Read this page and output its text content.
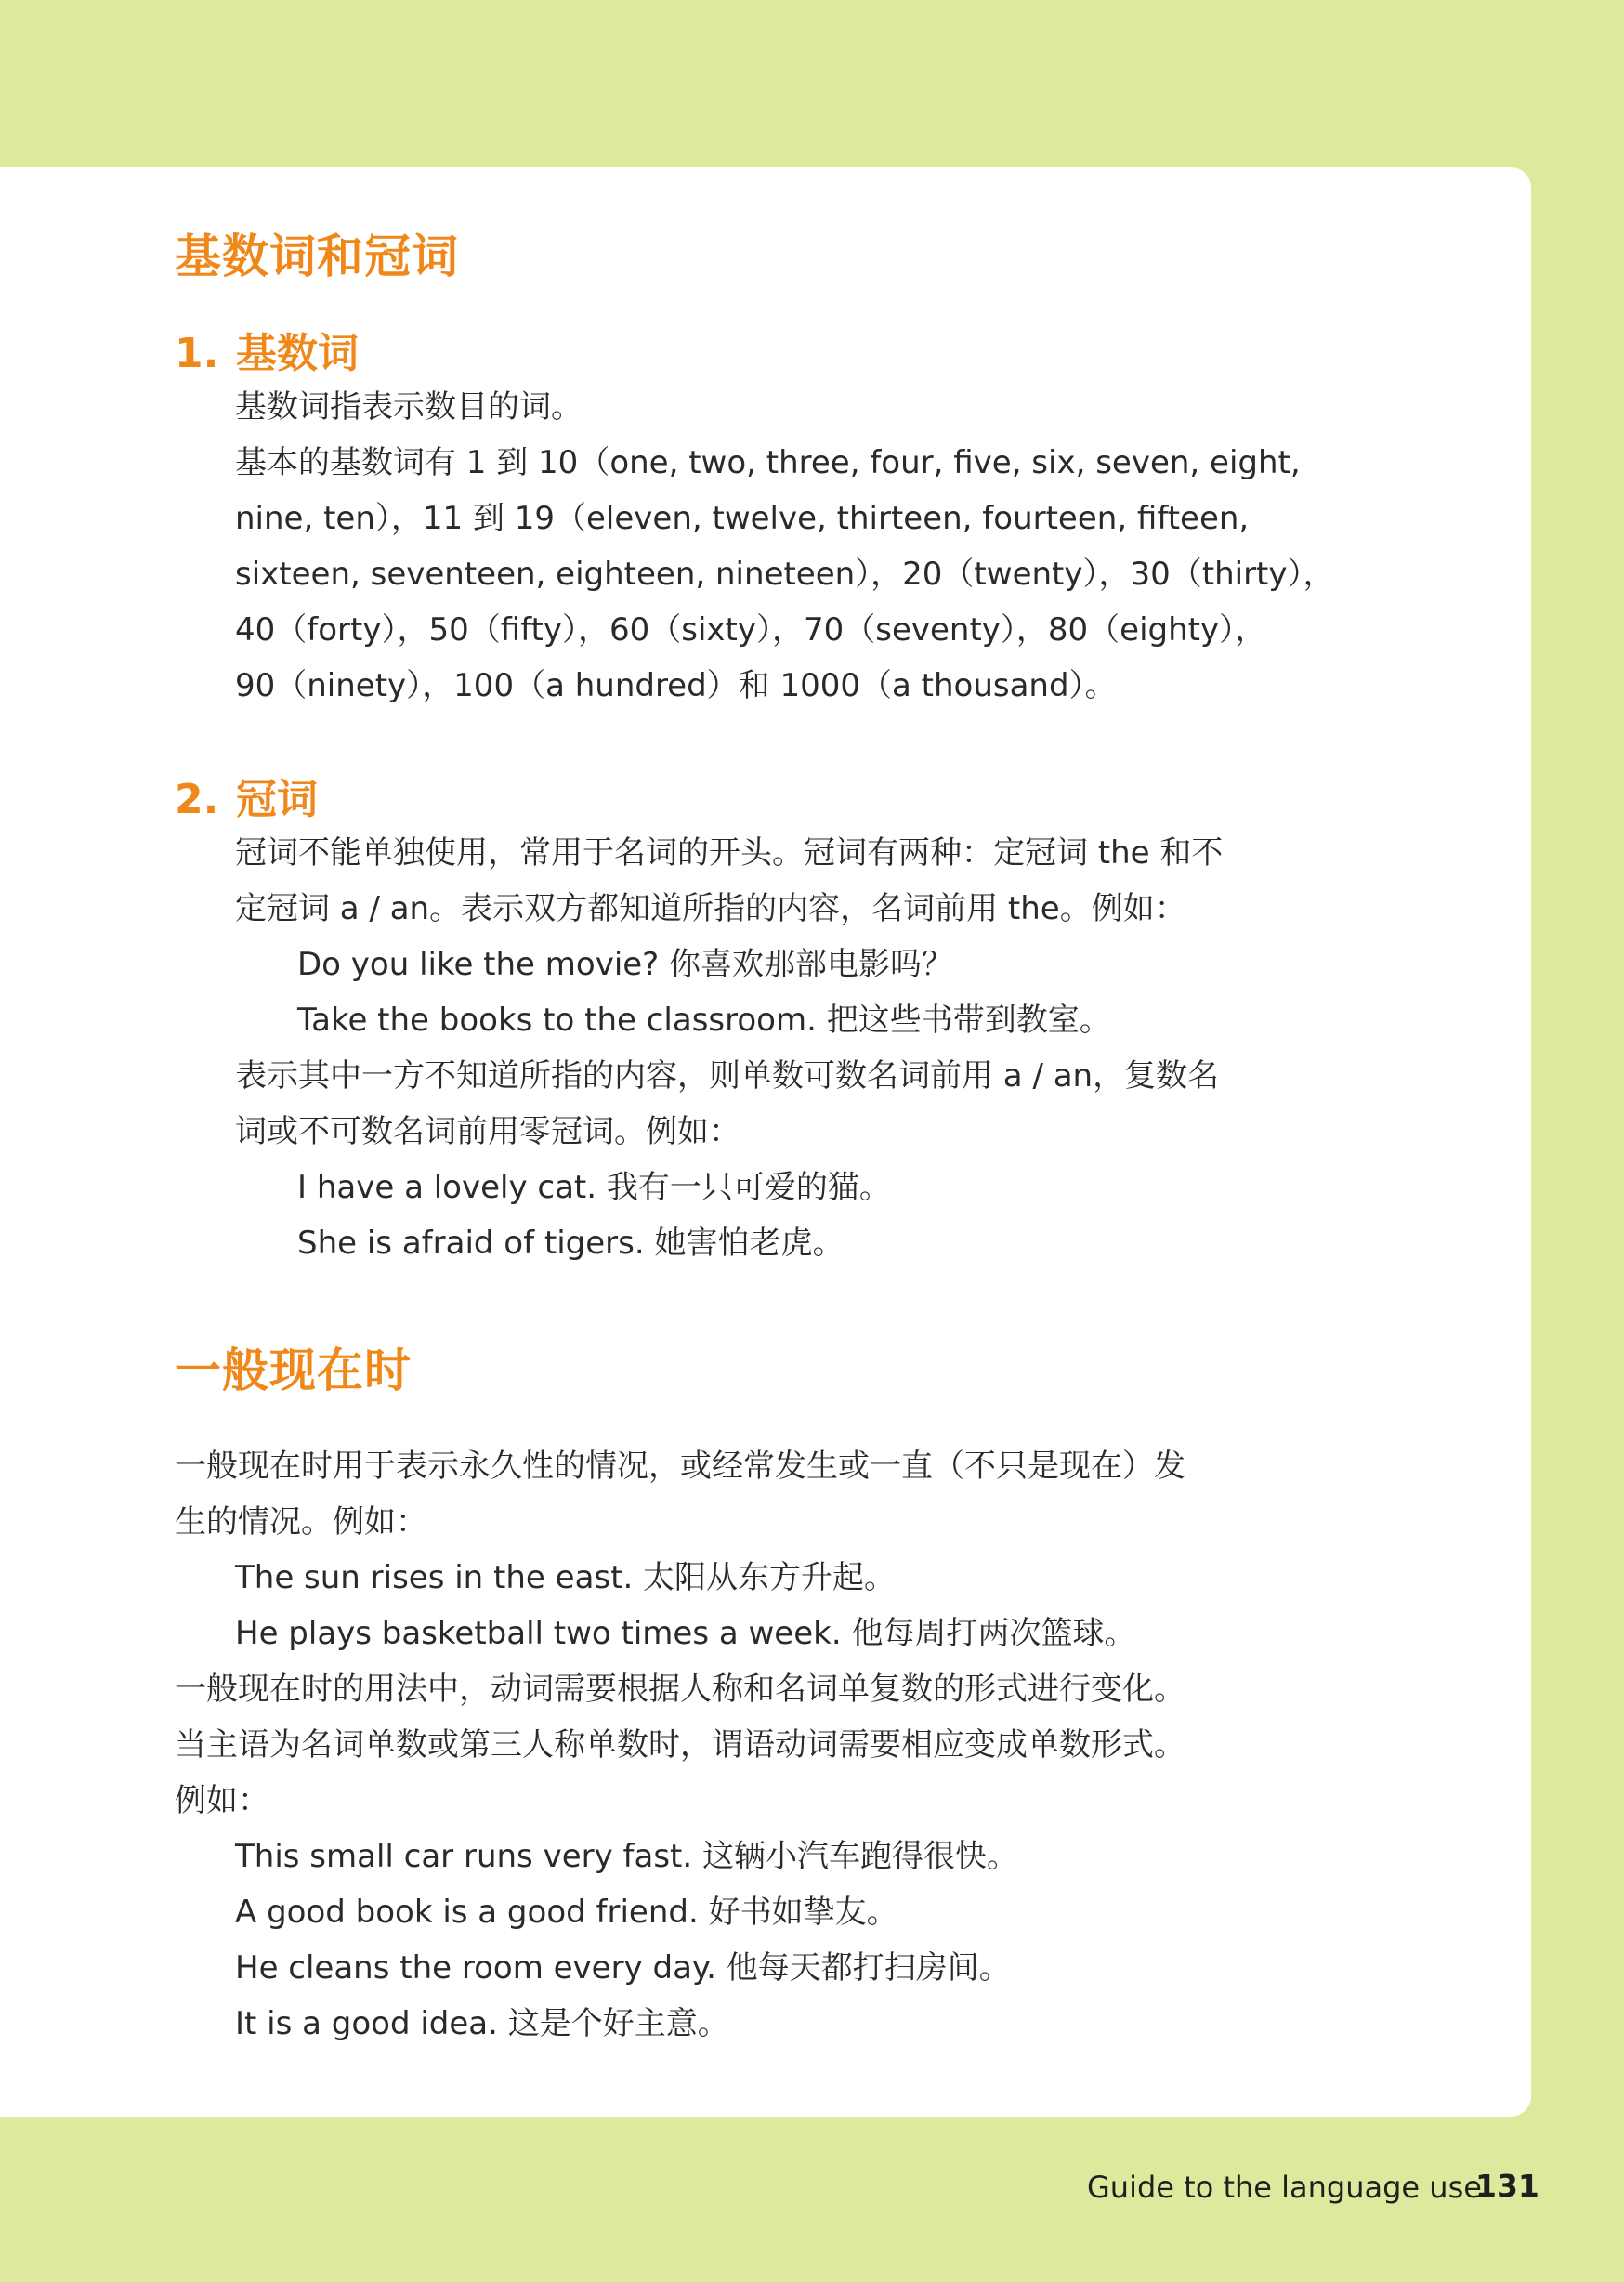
基数词和冠词
1. 基数词
基数词指表示数目的词。
基本的基数词有 1 到 10（one, two, three, four, five, six, seven, eight,
nine, ten），11 到 19（eleven, twelve, thirteen, fourteen, fifteen,
sixteen, seventeen, eighteen, nineteen），20（twenty），30（thirty），
40（forty），50（fifty），60（sixty），70（seventy），80（eighty），
90（ninety），100（a hundred）和 1000（a thousand）。
2. 冠词
冠词不能单独使用，常用于名词的开头。冠词有两种：定冠词 the 和不
定冠词 a / an。表示双方都知道所指的内容，名词前用 the。例如：
Do you like the movie? 你喜欢那部电影吗？
Take the books to the classroom. 把这些书带到教室。
表示其中一方不知道所指的内容，则单数可数名词前用 a / an，复数名
词或不可数名词前用零冠词。例如：
I have a lovely cat. 我有一只可爱的猫。
She is afraid of tigers. 她害怕老虎。
一般现在时
一般现在时用于表示永久性的情况，或经常发生或一直（不只是现在）发
生的情况。例如：
The sun rises in the east. 太阳从东方升起。
He plays basketball two times a week. 他每周打两次篮球。
一般现在时的用法中，动词需要根据人称和名词单复数的形式进行变化。
当主语为名词单数或第三人称单数时，谓语动词需要相应变成单数形式。
例如：
This small car runs very fast. 这辆小汽车跑得很快。
A good book is a good friend. 好书如挚友。
He cleans the room every day. 他每天都打扫房间。
It is a good idea. 这是个好主意。
Guide to the language use
131
